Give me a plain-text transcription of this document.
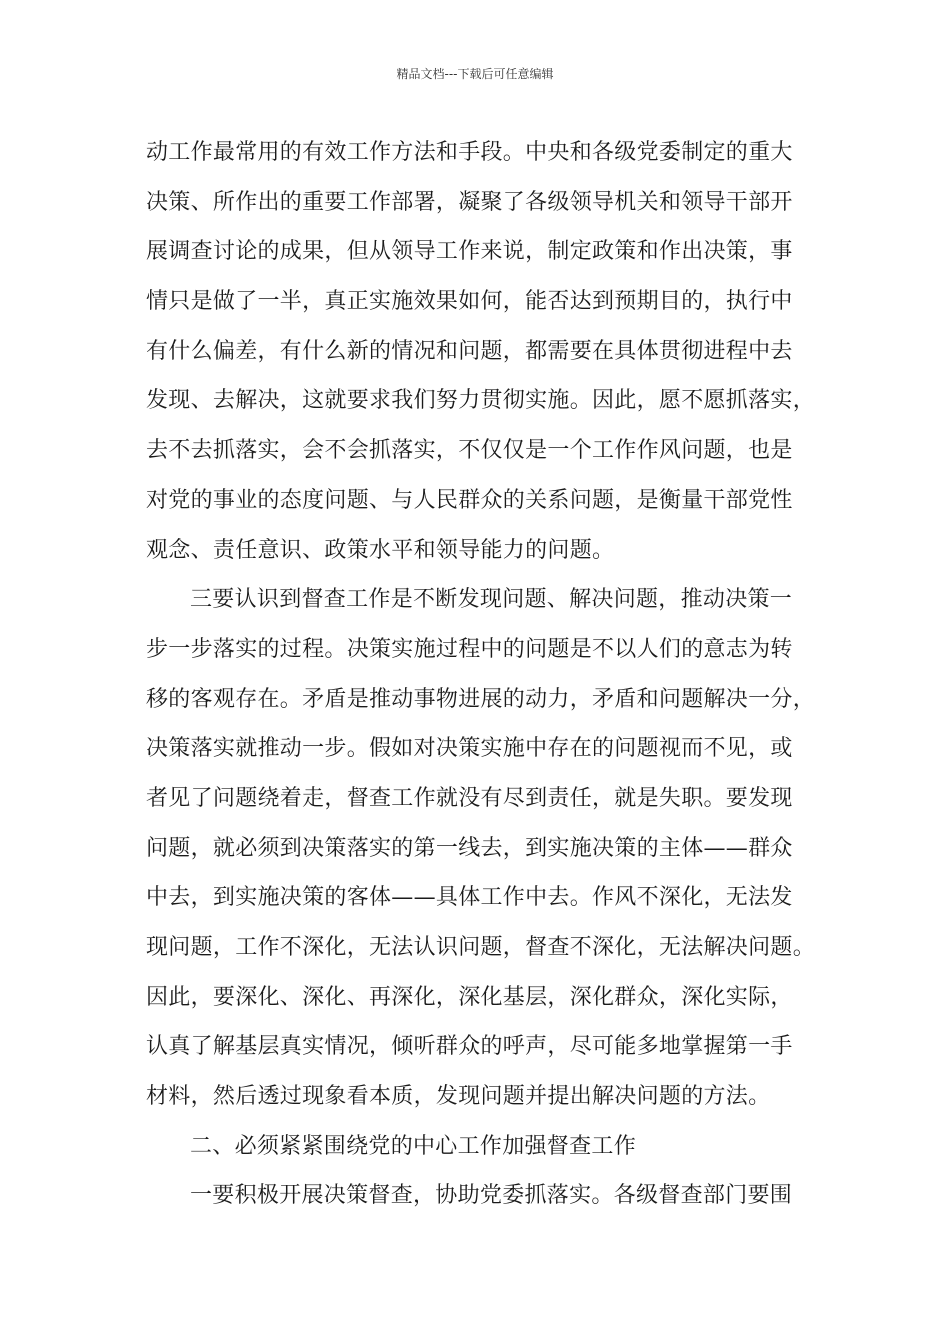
精品文档---下载后可任意编辑
动工作最常用的有效工作方法和手段。中央和各级党委制定的重大
决策、所作出的重要工作部署，凝聚了各级领导机关和领导干部开
展调查讨论的成果，但从领导工作来说，制定政策和作出决策，事
情只是做了一半，真正实施效果如何，能否达到预期目的，执行中
有什么偏差，有什么新的情况和问题，都需要在具体贯彻进程中去
发现、去解决，这就要求我们努力贯彻实施。因此，愿不愿抓落实，
去不去抓落实，会不会抓落实，不仅仅是一个工作作风问题，也是
对党的事业的态度问题、与人民群众的关系问题，是衡量干部党性
观念、责任意识、政策水平和领导能力的问题。
三要认识到督查工作是不断发现问题、解决问题，推动决策一
步一步落实的过程。决策实施过程中的问题是不以人们的意志为转
移的客观存在。矛盾是推动事物进展的动力，矛盾和问题解决一分，
决策落实就推动一步。假如对决策实施中存在的问题视而不见，或
者见了问题绕着走，督查工作就没有尽到责任，就是失职。要发现
问题，就必须到决策落实的第一线去，到实施决策的主体——群众
中去，到实施决策的客体——具体工作中去。作风不深化，无法发
现问题，工作不深化，无法认识问题，督查不深化，无法解决问题。
因此，要深化、深化、再深化，深化基层，深化群众，深化实际，
认真了解基层真实情况，倾听群众的呼声，尽可能多地掌握第一手
材料，然后透过现象看本质，发现问题并提出解决问题的方法。
二、必须紧紧围绕党的中心工作加强督查工作
一要积极开展决策督查，协助党委抓落实。各级督查部门要围
